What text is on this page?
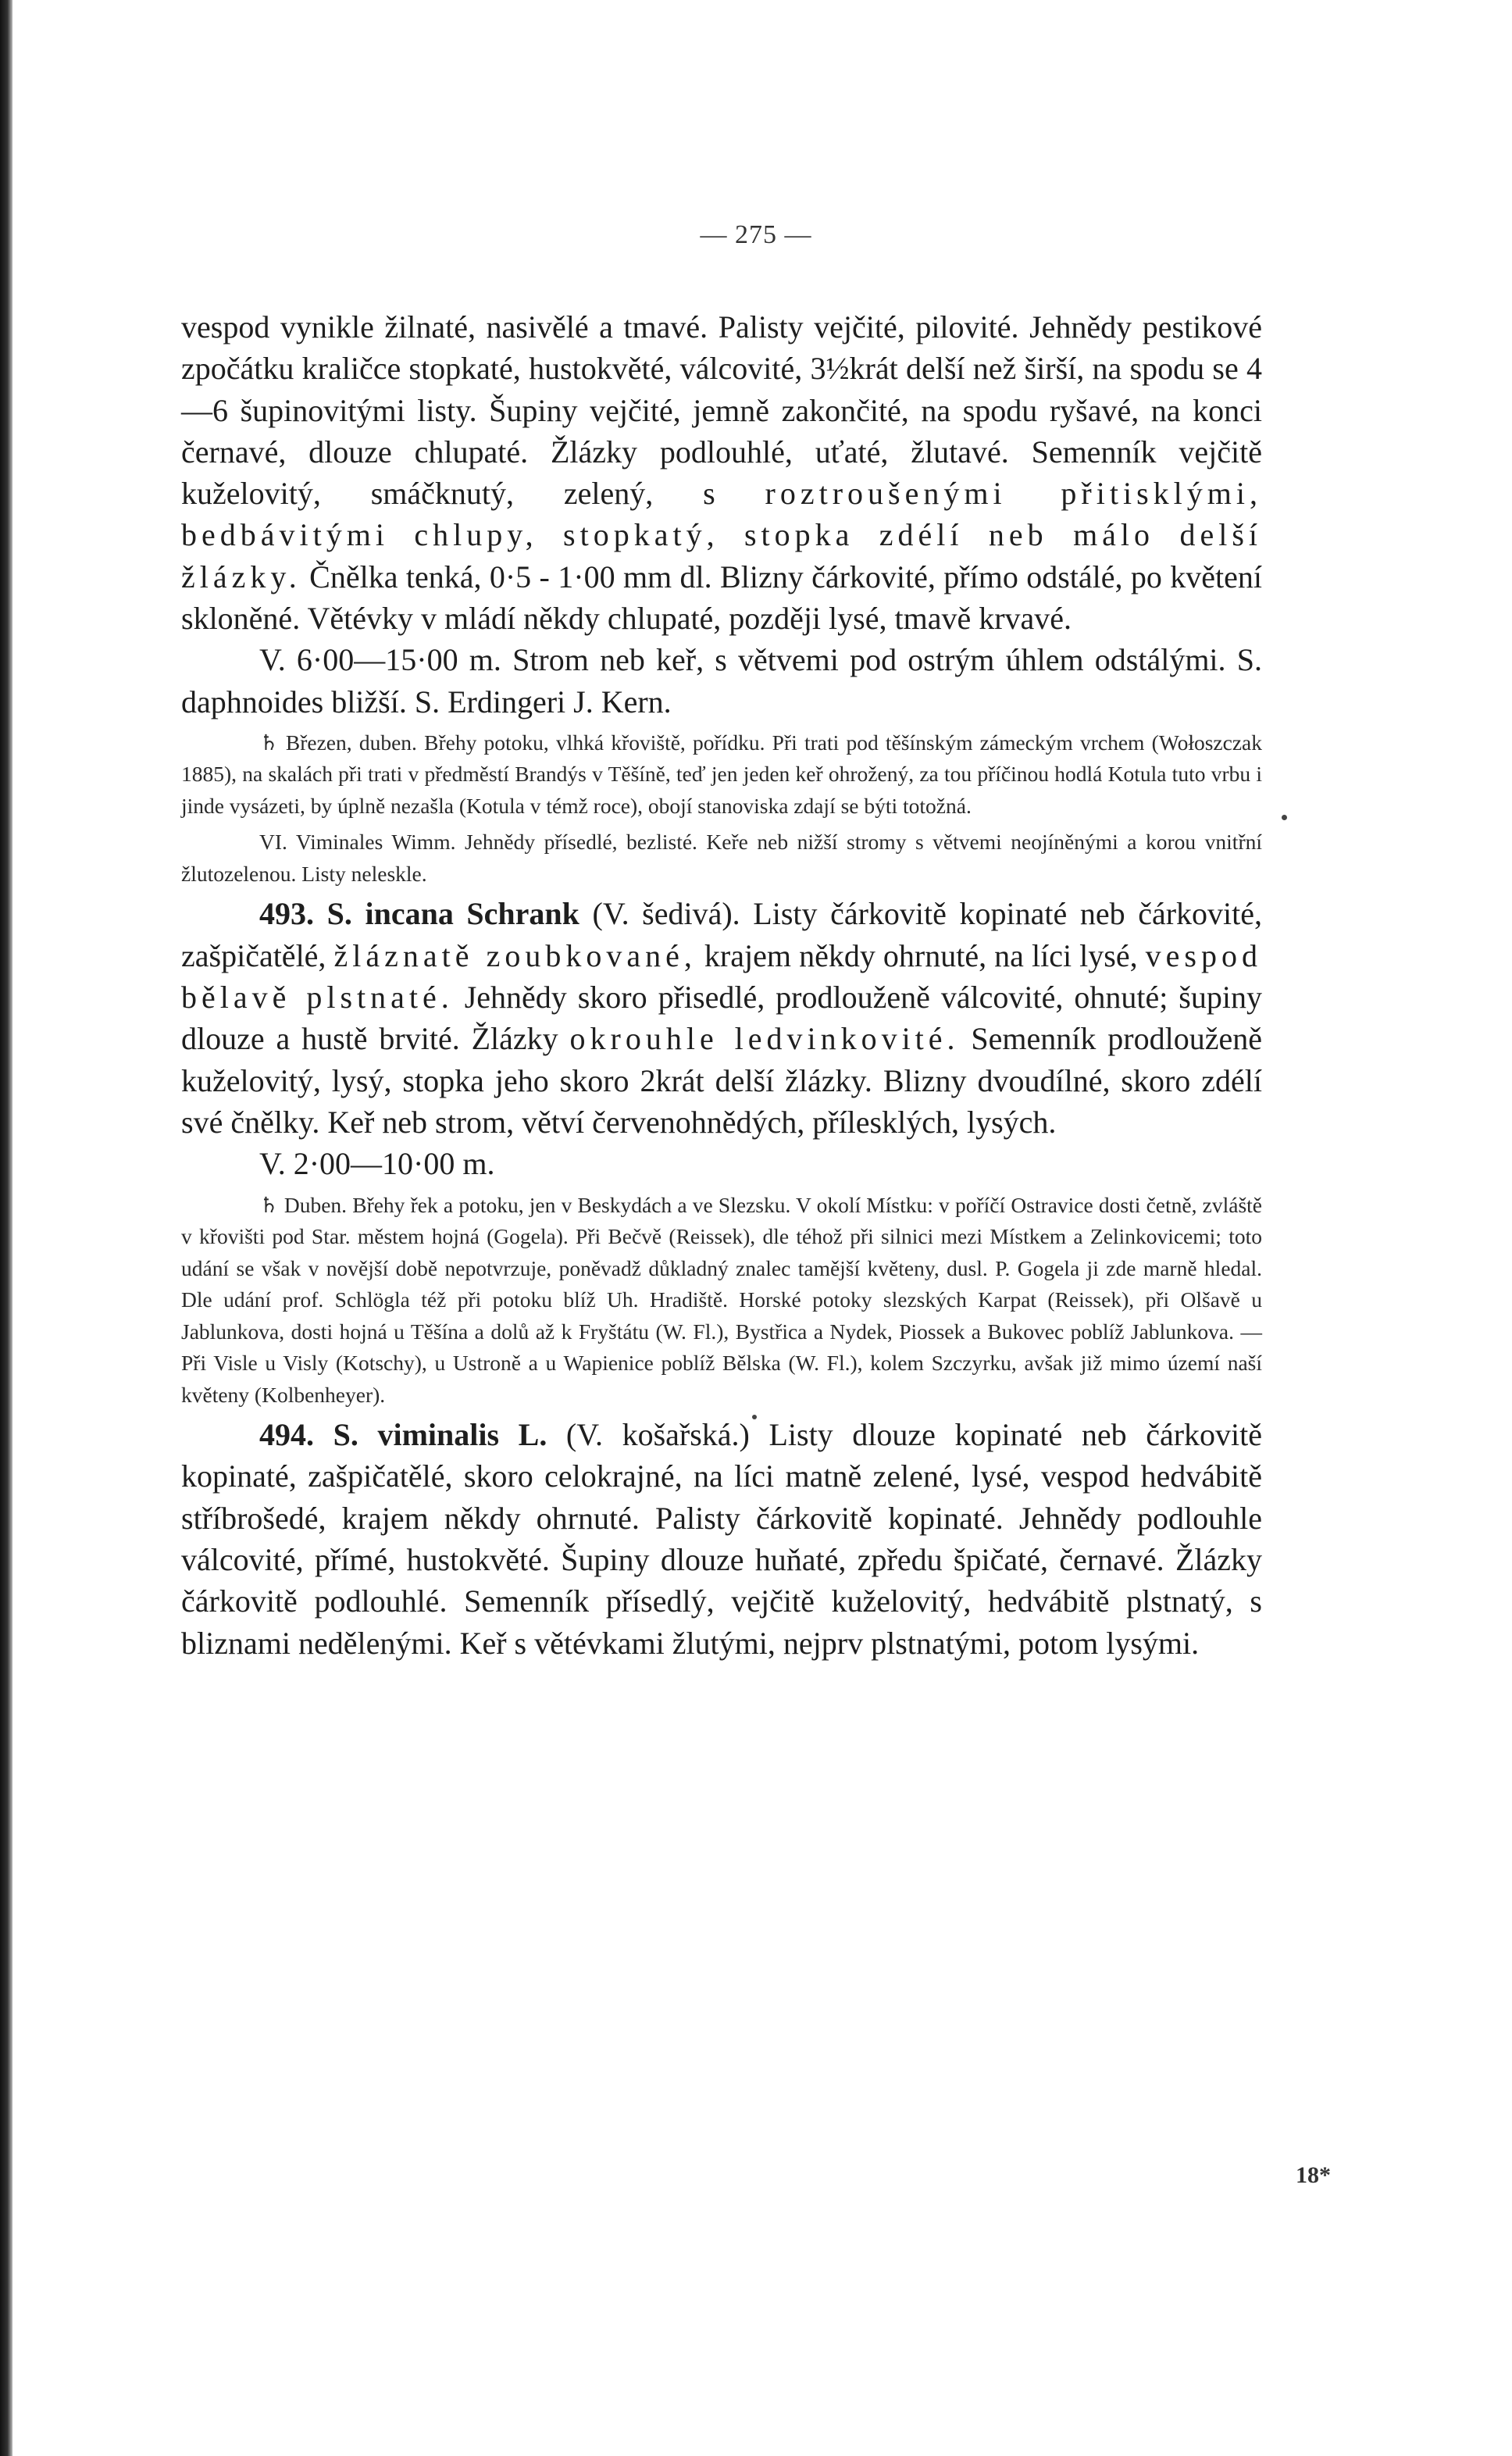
— 275 —

vespod vynikle žilnaté, nasivělé a tmavé. Palisty vejčité, pilovité. Jehnědy pestikové zpočátku kraličce stopkaté, hustokvěté, válcovité, 3½krát delší než širší, na spodu se 4—6 šupinovitými listy. Šupiny vejčité, jemně zakončité, na spodu ryšavé, na konci černavé, dlouze chlupaté. Žlázky podlouhlé, uťaté, žlutavé. Semenník vejčitě kuželovitý, smáčknutý, zelený, s roztroušenými přitisklými, bedbávitými chlupy, stopkatý, stopka zdélí neb málo delší žlázky. Čnělka tenká, 0·5 - 1·00 mm dl. Blizny čárkovité, přímo odstálé, po květení skloněné. Větévky v mládí někdy chlupaté, později lysé, tmavě krvavé.

V. 6·00—15·00 m. Strom neb keř, s větvemi pod ostrým úhlem odstálými. S. daphnoides bližší. S. Erdingeri J. Kern.

♄ Březen, duben. Břehy potoku, vlhká křoviště, pořídku. Při trati pod těšínským zámeckým vrchem (Wołoszczak 1885), na skalách při trati v předměstí Brandýs v Těšíně, teď jen jeden keř ohrožený, za tou příčinou hodlá Kotula tuto vrbu i jinde vysázeti, by úplně nezašla (Kotula v témž roce), obojí stanoviska zdají se býti totožná.

VI. Viminales Wimm. Jehnědy přísedlé, bezlisté. Keře neb nižší stromy s větvemi neojíněnými a korou vnitřní žlutozelenou. Listy neleskle.

493. S. incana Schrank (V. šedivá). Listy čárkovitě kopinaté neb čárkovité, zašpičatělé, žláznatě zoubkované, krajem někdy ohrnuté, na líci lysé, vespod bělavě plstnaté. Jehnědy skoro přisedlé, prodlouženě válcovité, ohnuté; šupiny dlouze a hustě brvité. Žlázky okrouhle ledvinkovité. Semenník prodlouženě kuželovitý, lysý, stopka jeho skoro 2krát delší žlázky. Blizny dvoudílné, skoro zdélí své čnělky. Keř neb strom, větví červenohnědých, přílesklých, lysých.

V. 2·00—10·00 m.

♄ Duben. Břehy řek a potoku, jen v Beskydách a ve Slezsku. V okolí Místku: v poříčí Ostravice dosti četně, zvláště v křovišti pod Star. městem hojná (Gogela). Při Bečvě (Reissek), dle téhož při silnici mezi Místkem a Zelinkovicemi; toto udání se však v novější době nepotvrzuje, poněvadž důkladný znalec tamější květeny, dusl. P. Gogela ji zde marně hledal. Dle udání prof. Schlögla též při potoku blíž Uh. Hradiště. Horské potoky slezských Karpat (Reissek), při Olšavě u Jablunkova, dosti hojná u Těšína a dolů až k Fryštátu (W. Fl.), Bystřica a Nydek, Piossek a Bukovec poblíž Jablunkova. — Při Visle u Visly (Kotschy), u Ustroně a u Wapienice poblíž Bělska (W. Fl.), kolem Szczyrku, avšak již mimo území naší květeny (Kolbenheyer).

494. S. viminalis L. (V. košařská.) Listy dlouze kopinaté neb čárkovitě kopinaté, zašpičatělé, skoro celokrajné, na líci matně zelené, lysé, vespod hedvábitě stříbrošedé, krajem někdy ohrnuté. Palisty čárkovitě kopinaté. Jehnědy podlouhle válcovité, přímé, hustokvěté. Šupiny dlouze huňaté, zpředu špičaté, černavé. Žlázky čárkovitě podlouhlé. Semenník přísedlý, vejčitě kuželovitý, hedvábitě plstnatý, s bliznami nedělenými. Keř s větévkami žlutými, nejprv plstnatými, potom lysými.

18*
